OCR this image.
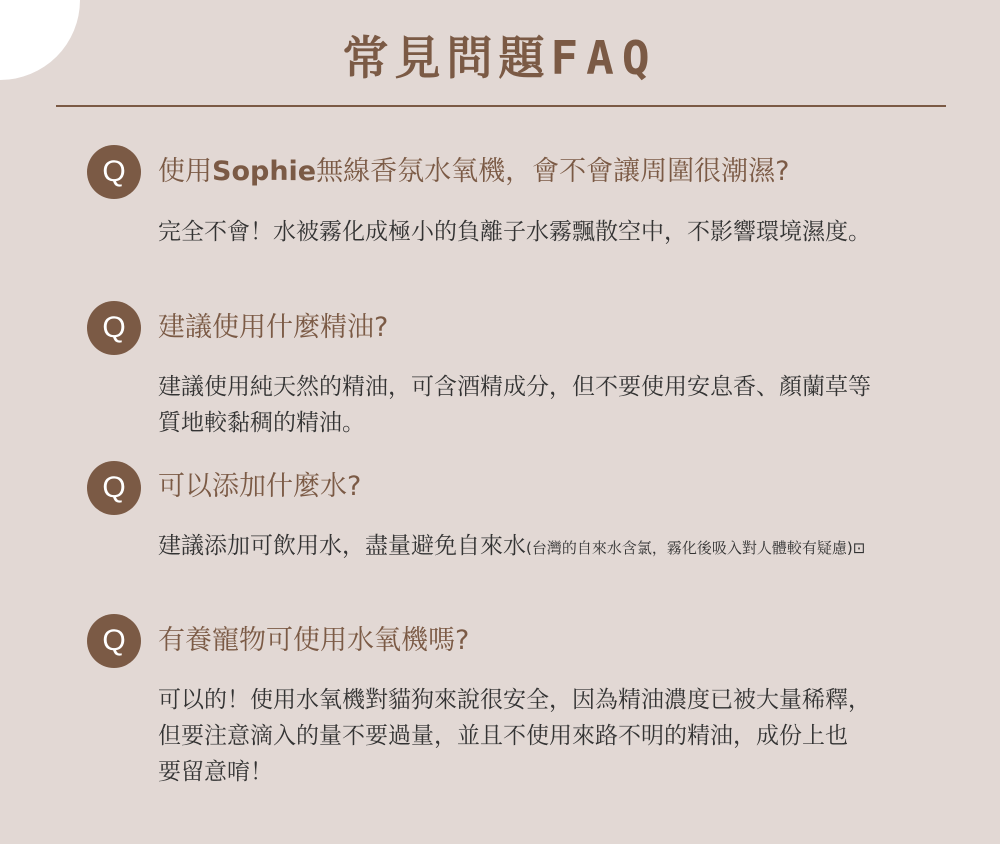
常見問題FAQ
Q	使用Sophie無線香氛水氧機，會不會讓周圍很潮濕?
完全不會！水被霧化成極小的負離子水霧飄散空中，不影響環境濕度。
Q	建議使用什麼精油?
建議使用純天然的精油，可含酒精成分，但不要使用安息香、顏蘭草等
質地較黏稠的精油。
Q	可以添加什麼水?
建議添加可飲用水，盡量避免自來水(台灣的自來水含氯，霧化後吸入對人體較有疑慮)⊡
Q	有養寵物可使用水氧機嗎?
可以的！使用水氧機對貓狗來說很安全，因為精油濃度已被大量稀釋，
但要注意滴入的量不要過量，並且不使用來路不明的精油，成份上也
要留意唷！
